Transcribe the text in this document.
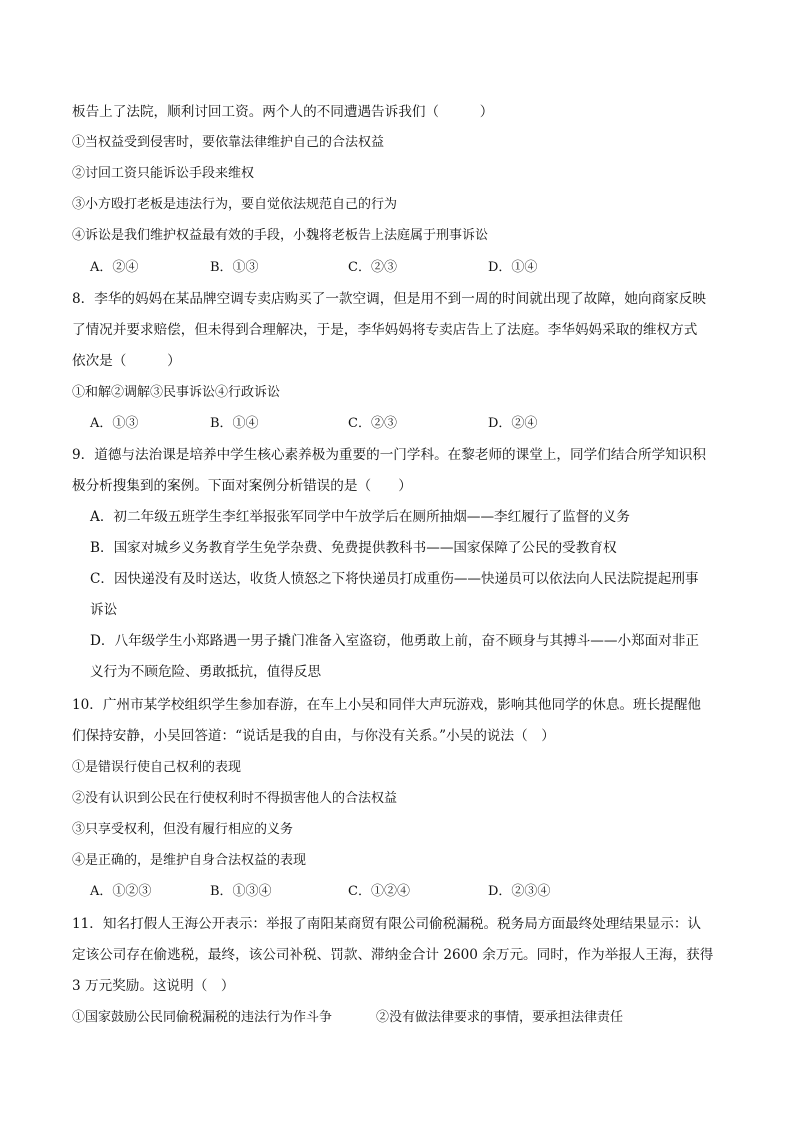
板告上了法院，顺利讨回工资。两个人的不同遭遇告诉我们（　　　）
①当权益受到侵害时，要依靠法律维护自己的合法权益
②讨回工资只能诉讼手段来维权
③小方殴打老板是违法行为，要自觉依法规范自己的行为
④诉讼是我们维护权益最有效的手段，小魏将老板告上法庭属于刑事诉讼
A．②④	B．①③	C．②③	D．①④
8．李华的妈妈在某品牌空调专卖店购买了一款空调，但是用不到一周的时间就出现了故障，她向商家反映
了情况并要求赔偿，但未得到合理解决，于是，李华妈妈将专卖店告上了法庭。李华妈妈采取的维权方式
依次是（　　　）
①和解②调解③民事诉讼④行政诉讼
A．①③	B．①④	C．②③	D．②④
9．道德与法治课是培养中学生核心素养极为重要的一门学科。在黎老师的课堂上，同学们结合所学知识积
极分析搜集到的案例。下面对案例分析错误的是（　　）
A．初二年级五班学生李红举报张军同学中午放学后在厕所抽烟——李红履行了监督的义务
B．国家对城乡义务教育学生免学杂费、免费提供教科书——国家保障了公民的受教育权
C．因快递没有及时送达，收货人愤怒之下将快递员打成重伤——快递员可以依法向人民法院提起刑事
诉讼
D．八年级学生小郑路遇一男子撬门准备入室盗窃，他勇敢上前，奋不顾身与其搏斗——小郑面对非正
义行为不顾危险、勇敢抵抗，值得反思
10．广州市某学校组织学生参加春游，在车上小吴和同伴大声玩游戏，影响其他同学的休息。班长提醒他
们保持安静，小吴回答道：“说话是我的自由，与你没有关系。”小吴的说法（　）
①是错误行使自己权利的表现
②没有认识到公民在行使权利时不得损害他人的合法权益
③只享受权利，但没有履行相应的义务
④是正确的，是维护自身合法权益的表现
A．①②③	B．①③④	C．①②④	D．②③④
11．知名打假人王海公开表示：举报了南阳某商贸有限公司偷税漏税。税务局方面最终处理结果显示：认
定该公司存在偷逃税，最终，该公司补税、罚款、滞纳金合计 2600 余万元。同时，作为举报人王海，获得
3 万元奖励。这说明（　）
①国家鼓励公民同偷税漏税的违法行为作斗争	②没有做法律要求的事情，要承担法律责任
